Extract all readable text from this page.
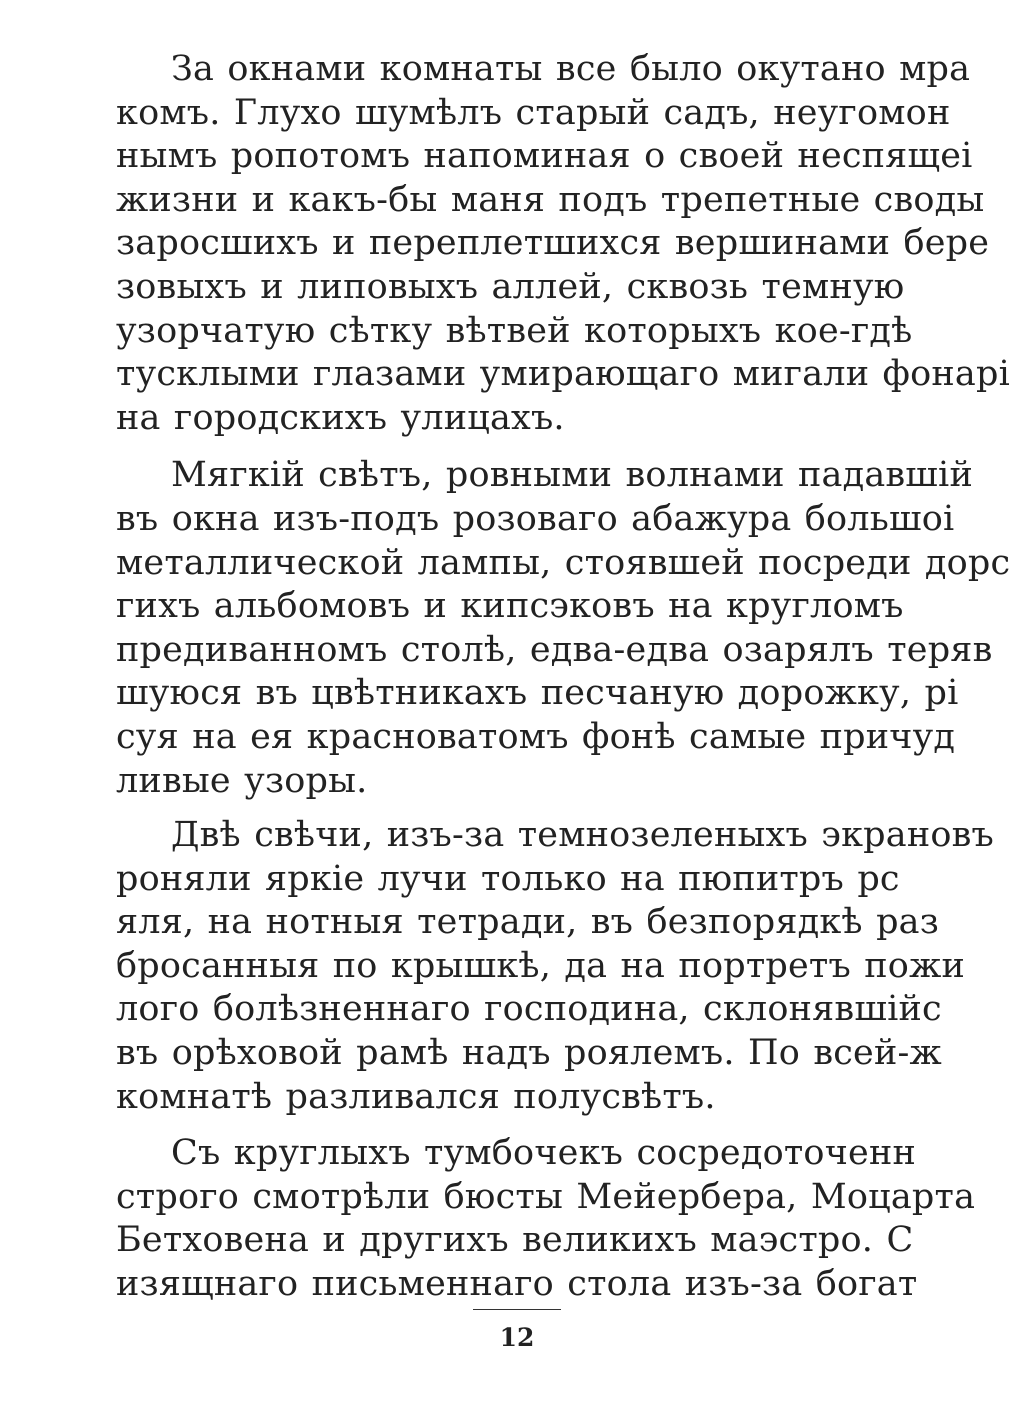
За окнами комнаты все было окутано мра
комъ. Глухо шумѣлъ старый садъ, неугомон
нымъ ропотомъ напоминая о своей неспящеі
жизни и какъ-бы маня подъ трепетные своды
заросшихъ и переплетшихся вершинами бере
зовыхъ и липовыхъ аллей, сквозь темную
узорчатую сѣтку вѣтвей которыхъ кое-гдѣ
тусклыми глазами умирающаго мигали фонарі
на городскихъ улицахъ.
Мягкій свѣтъ, ровными волнами падавшій
въ окна изъ-подъ розоваго абажура большоі
металлической лампы, стоявшей посреди дорс
гихъ альбомовъ и кипсэковъ на кругломъ
предиванномъ столѣ, едва-едва озарялъ теряв
шуюся въ цвѣтникахъ песчаную дорожку, рі
суя на ея красноватомъ фонѣ самые причуд
ливые узоры.
Двѣ свѣчи, изъ-за темнозеленыхъ экрановъ
роняли яркіе лучи только на пюпитръ рс
яля, на нотныя тетради, въ безпорядкѣ раз
бросанныя по крышкѣ, да на портретъ пожи
лого болѣзненнаго господина, склонявшійс
въ орѣховой рамѣ надъ роялемъ. По всей-ж
комнатѣ разливался полусвѣтъ.
Съ круглыхъ тумбочекъ сосредоточенн
строго смотрѣли бюсты Мейербера, Моцарта
Бетховена и другихъ великихъ маэстро. С
изящнаго письменнаго стола изъ-за богат
12
